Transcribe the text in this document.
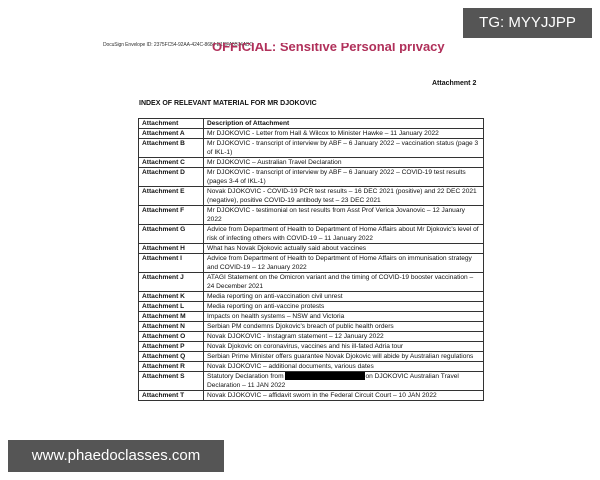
DocuSign Envelope ID: 2375FC54-92AA-424C-8684-E1DFA5574ABC
OFFICIAL: Sensitive Personal privacy
Attachment 2
INDEX OF RELEVANT MATERIAL FOR MR DJOKOVIC
Attachment	Description of Attachment
Attachment A	Mr DJOKOVIC - Letter from Hall & Wilcox to Minister Hawke – 11 January 2022
Attachment B	Mr DJOKOVIC - transcript of interview by ABF – 6 January 2022 – vaccination status (page 3 of IKL-1)
Attachment C	Mr DJOKOVIC – Australian Travel Declaration
Attachment D	Mr DJOKOVIC - transcript of interview by ABF – 6 January 2022 – COVID-19 test results (pages 3-4 of IKL-1)
Attachment E	Novak DJOKOVIC - COVID-19 PCR test results – 16 DEC 2021 (positive) and 22 DEC 2021 (negative), positive COVID-19 antibody test – 23 DEC 2021
Attachment F	Mr DJOKOVIC - testimonial on test results from Asst Prof Verica Jovanovic – 12 January 2022
Attachment G	Advice from Department of Health to Department of Home Affairs about Mr Djokovic's level of risk of infecting others with COVID-19 – 11 January 2022
Attachment H	What has Novak Djokovic actually said about vaccines
Attachment I	Advice from Department of Health to Department of Home Affairs on immunisation strategy and COVID-19 – 12 January 2022
Attachment J	ATAGI Statement on the Omicron variant and the timing of COVID-19 booster vaccination – 24 December 2021
Attachment K	Media reporting on anti-vaccination civil unrest
Attachment L	Media reporting on anti-vaccine protests
Attachment M	Impacts on health systems – NSW and Victoria
Attachment N	Serbian PM condemns Djokovic's breach of public health orders
Attachment O	Novak DJOKOVIC - Instagram statement – 12 January 2022
Attachment P	Novak Djokovic on coronavirus, vaccines and his ill-fated Adria tour
Attachment Q	Serbian Prime Minister offers guarantee Novak Djokovic will abide by Australian regulations
Attachment R	Novak DJOKOVIC – additional documents, various dates
Attachment S	Statutory Declaration from on DJOKOVIC Australian Travel Declaration – 11 JAN 2022
Attachment T	Novak DJOKOVIC – affidavit sworn in the Federal Circuit Court – 10 JAN 2022
TG: MYYJJPP
www.phaedoclasses.com
